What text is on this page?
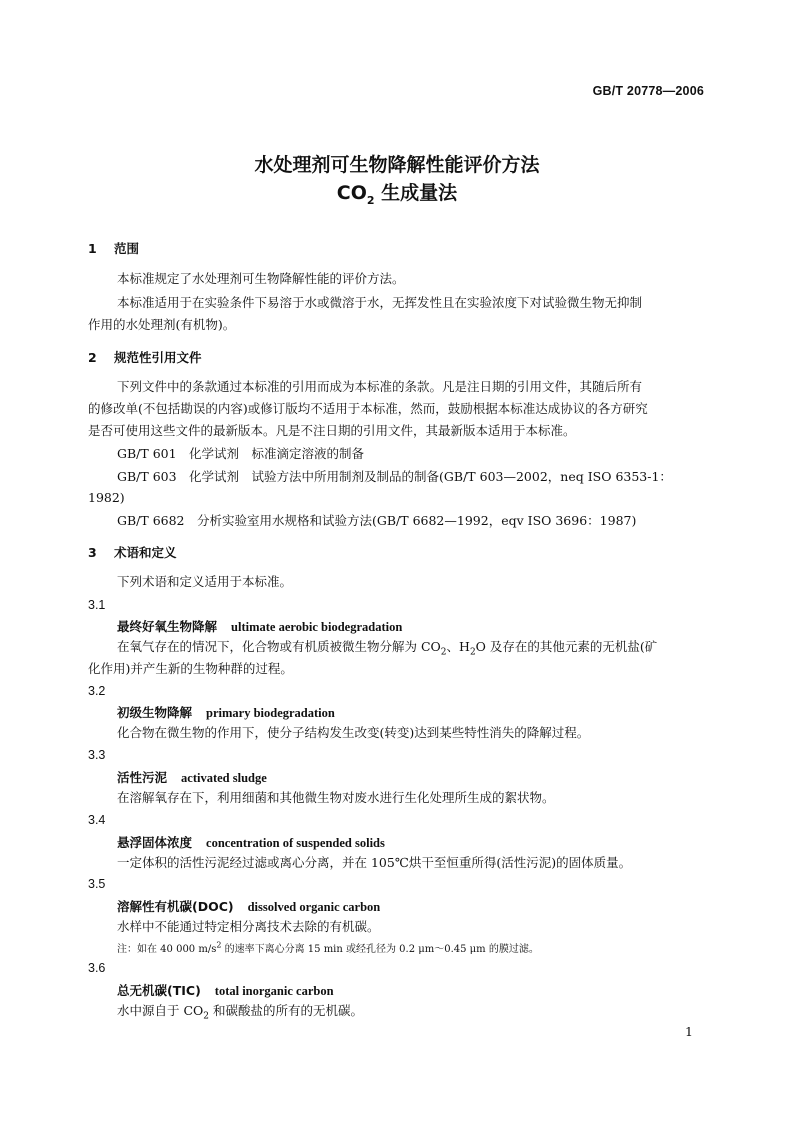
GB/T 20778—2006
水处理剂可生物降解性能评价方法
$CO_2$ 生成量法
1 范围
本标准规定了水处理剂可生物降解性能的评价方法。
本标准适用于在实验条件下易溶于水或微溶于水，无挥发性且在实验浓度下对试验微生物无抑制
作用的水处理剂(有机物)。
2 规范性引用文件
下列文件中的条款通过本标准的引用而成为本标准的条款。凡是注日期的引用文件，其随后所有
的修改单(不包括勘误的内容)或修订版均不适用于本标准，然而，鼓励根据本标准达成协议的各方研究
是否可使用这些文件的最新版本。凡是不注日期的引用文件，其最新版本适用于本标准。
GB/T 601　化学试剂　标准滴定溶液的制备
GB/T 603　化学试剂　试验方法中所用制剂及制品的制备(GB/T 603—2002，neq ISO 6353-1：
1982)
GB/T 6682　分析实验室用水规格和试验方法(GB/T 6682—1992，eqv ISO 3696：1987)
3 术语和定义
下列术语和定义适用于本标准。
3.1
最终好氧生物降解 ultimate aerobic biodegradation
在氧气存在的情况下，化合物或有机质被微生物分解为 $CO_2$、$H_2O$ 及存在的其他元素的无机盐(矿
化作用)并产生新的生物种群的过程。
3.2
初级生物降解 primary biodegradation
化合物在微生物的作用下，使分子结构发生改变(转变)达到某些特性消失的降解过程。
3.3
活性污泥 activated sludge
在溶解氧存在下，利用细菌和其他微生物对废水进行生化处理所生成的絮状物。
3.4
悬浮固体浓度 concentration of suspended solids
一定体积的活性污泥经过滤或离心分离，并在 105℃烘干至恒重所得(活性污泥)的固体质量。
3.5
溶解性有机碳(DOC) dissolved organic carbon
水样中不能通过特定相分离技术去除的有机碳。
注：如在 40 000 $m/s^2$ 的速率下离心分离 15 min 或经孔径为 0.2 μm～0.45 μm 的膜过滤。
3.6
总无机碳(TIC) total inorganic carbon
水中源自于 $CO_2$ 和碳酸盐的所有的无机碳。
1
